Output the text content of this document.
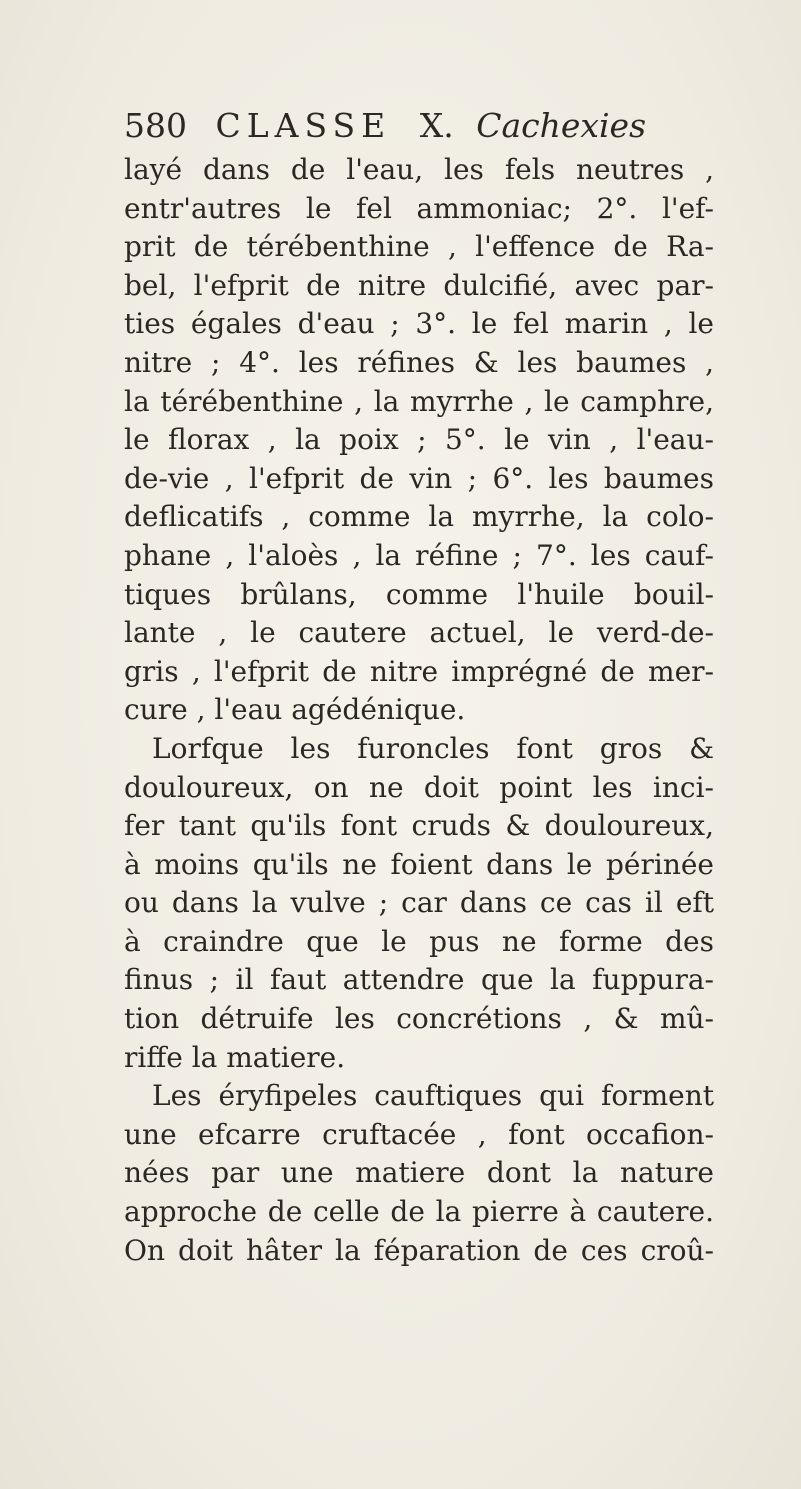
580 CLASSE X. Cachexies
layé dans de l'eau, les fels neutres ,
entr'autres le fel ammoniac; 2°. l'ef-
prit de térébenthine , l'effence de Ra-
bel, l'efprit de nitre dulcifié, avec par-
ties égales d'eau ; 3°. le fel marin , le
nitre ; 4°. les réfines & les baumes ,
la térébenthine , la myrrhe , le camphre,
le florax , la poix ; 5°. le vin , l'eau-
de-vie , l'efprit de vin ; 6°. les baumes
deflicatifs , comme la myrrhe, la colo-
phane , l'aloès , la réfine ; 7°. les cauf-
tiques brûlans, comme l'huile bouil-
lante , le cautere actuel, le verd-de-
gris , l'efprit de nitre imprégné de mer-
cure , l'eau agédénique.
Lorfque les furoncles font gros &
douloureux, on ne doit point les inci-
fer tant qu'ils font cruds & douloureux,
à moins qu'ils ne foient dans le périnée
ou dans la vulve ; car dans ce cas il eft
à craindre que le pus ne forme des
finus ; il faut attendre que la fuppura-
tion détruife les concrétions , & mû-
riffe la matiere.
Les éryfipeles cauftiques qui forment
une efcarre cruftacée , font occafion-
nées par une matiere dont la nature
approche de celle de la pierre à cautere.
On doit hâter la féparation de ces croû-
